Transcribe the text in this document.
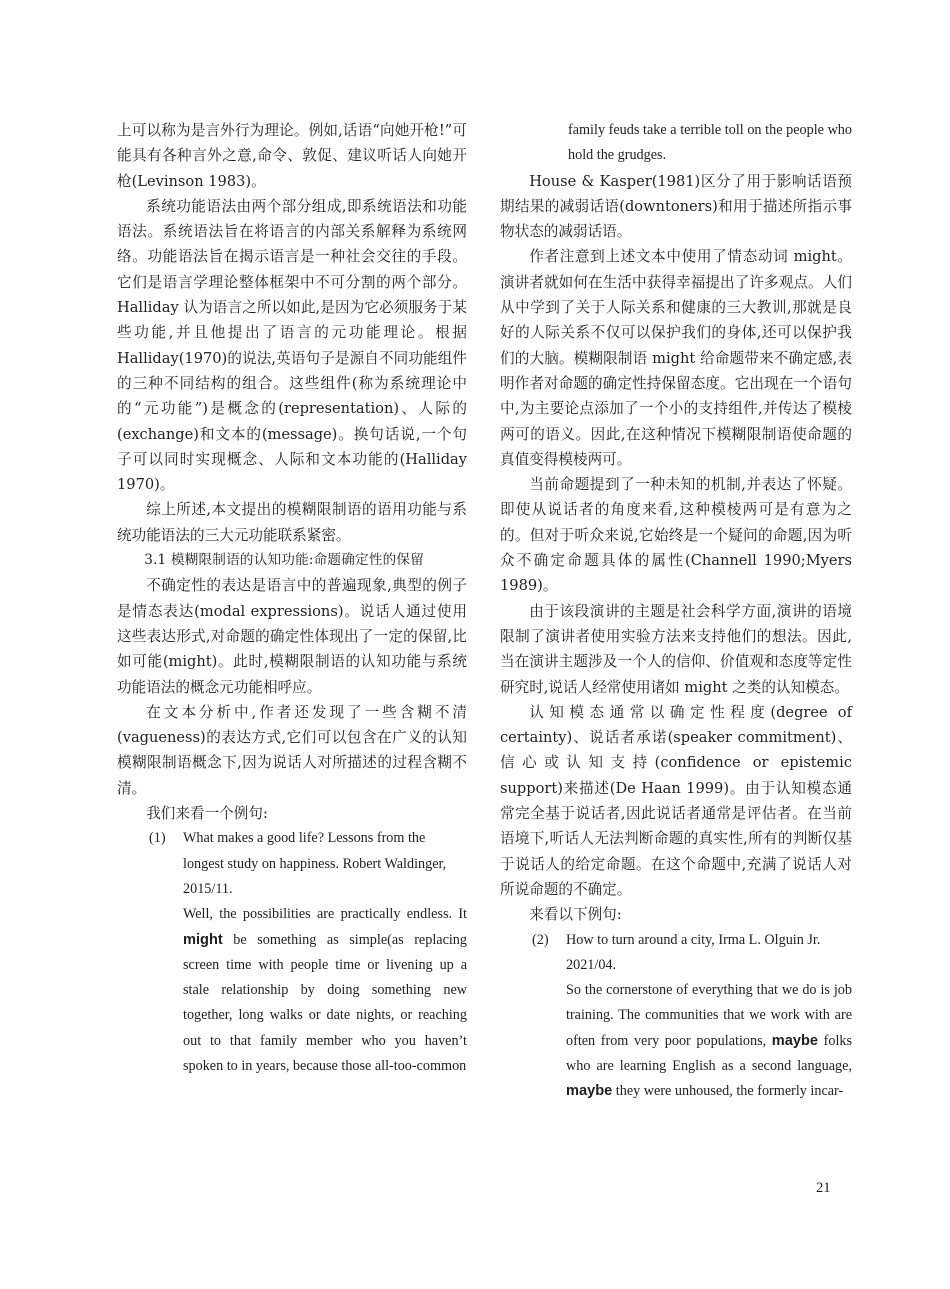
上可以称为是言外行为理论。例如,话语“向她开枪!”可能具有各种言外之意,命令、敦促、建议听话人向她开枪(Levinson 1983)。

系统功能语法由两个部分组成,即系统语法和功能语法。系统语法旨在将语言的内部关系解释为系统网络。功能语法旨在揭示语言是一种社会交往的手段。它们是语言学理论整体框架中不可分割的两个部分。Halliday 认为语言之所以如此,是因为它必须服务于某些功能,并且他提出了语言的元功能理论。根据 Halliday(1970)的说法,英语句子是源自不同功能组件的三种不同结构的组合。这些组件(称为系统理论中的“元功能”)是概念的(representation)、人际的(exchange)和文本的(message)。换句话说,一个句子可以同时实现概念、人际和文本功能的(Halliday 1970)。

综上所述,本文提出的模糊限制语的语用功能与系统功能语法的三大元功能联系紧密。

3.1 模糊限制语的认知功能:命题确定性的保留

不确定性的表达是语言中的普遍现象,典型的例子是情态表达(modal expressions)。说话人通过使用这些表达形式,对命题的确定性体现出了一定的保留,比如可能(might)。此时,模糊限制语的认知功能与系统功能语法的概念元功能相呼应。

在文本分析中,作者还发现了一些含糊不清(vagueness)的表达方式,它们可以包含在广义的认知模糊限制语概念下,因为说话人对所描述的过程含糊不清。

我们来看一个例句:

(1) What makes a good life? Lessons from the longest study on happiness. Robert Waldinger, 2015/11.

Well, the possibilities are practically endless. It might be something as simple(as replacing screen time with people time or livening up a stale relationship by doing something new together, long walks or date nights, or reaching out to that family member who you haven’t spoken to in years, because those all-too-common

family feuds take a terrible toll on the people who hold the grudges.

House & Kasper(1981)区分了用于影响话语预期结果的减弱话语(downtoners)和用于描述所指示事物状态的减弱话语。

作者注意到上述文本中使用了情态动词 might。演讲者就如何在生活中获得幸福提出了许多观点。人们从中学到了关于人际关系和健康的三大教训,那就是良好的人际关系不仅可以保护我们的身体,还可以保护我们的大脑。模糊限制语 might 给命题带来不确定感,表明作者对命题的确定性持保留态度。它出现在一个语句中,为主要论点添加了一个小的支持组件,并传达了模棱两可的语义。因此,在这种情况下模糊限制语使命题的真值变得模棱两可。

当前命题提到了一种未知的机制,并表达了怀疑。即使从说话者的角度来看,这种模棱两可是有意为之的。但对于听众来说,它始终是一个疑问的命题,因为听众不确定命题具体的属性(Channell 1990;Myers 1989)。

由于该段演讲的主题是社会科学方面,演讲的语境限制了演讲者使用实验方法来支持他们的想法。因此,当在演讲主题涉及一个人的信仰、价值观和态度等定性研究时,说话人经常使用诸如 might 之类的认知模态。

认知模态通常以确定性程度(degree of certainty)、说话者承诺(speaker commitment)、信心或认知支持(confidence or epistemic support)来描述(De Haan 1999)。由于认知模态通常完全基于说话者,因此说话者通常是评估者。在当前语境下,听话人无法判断命题的真实性,所有的判断仅基于说话人的给定命题。在这个命题中,充满了说话人对所说命题的不确定。

来看以下例句:

(2) How to turn around a city, Irma L. Olguin Jr. 2021/04.

So the cornerstone of everything that we do is job training. The communities that we work with are often from very poor populations, maybe folks who are learning English as a second language, maybe they were unhoused, the formerly incar-

21
